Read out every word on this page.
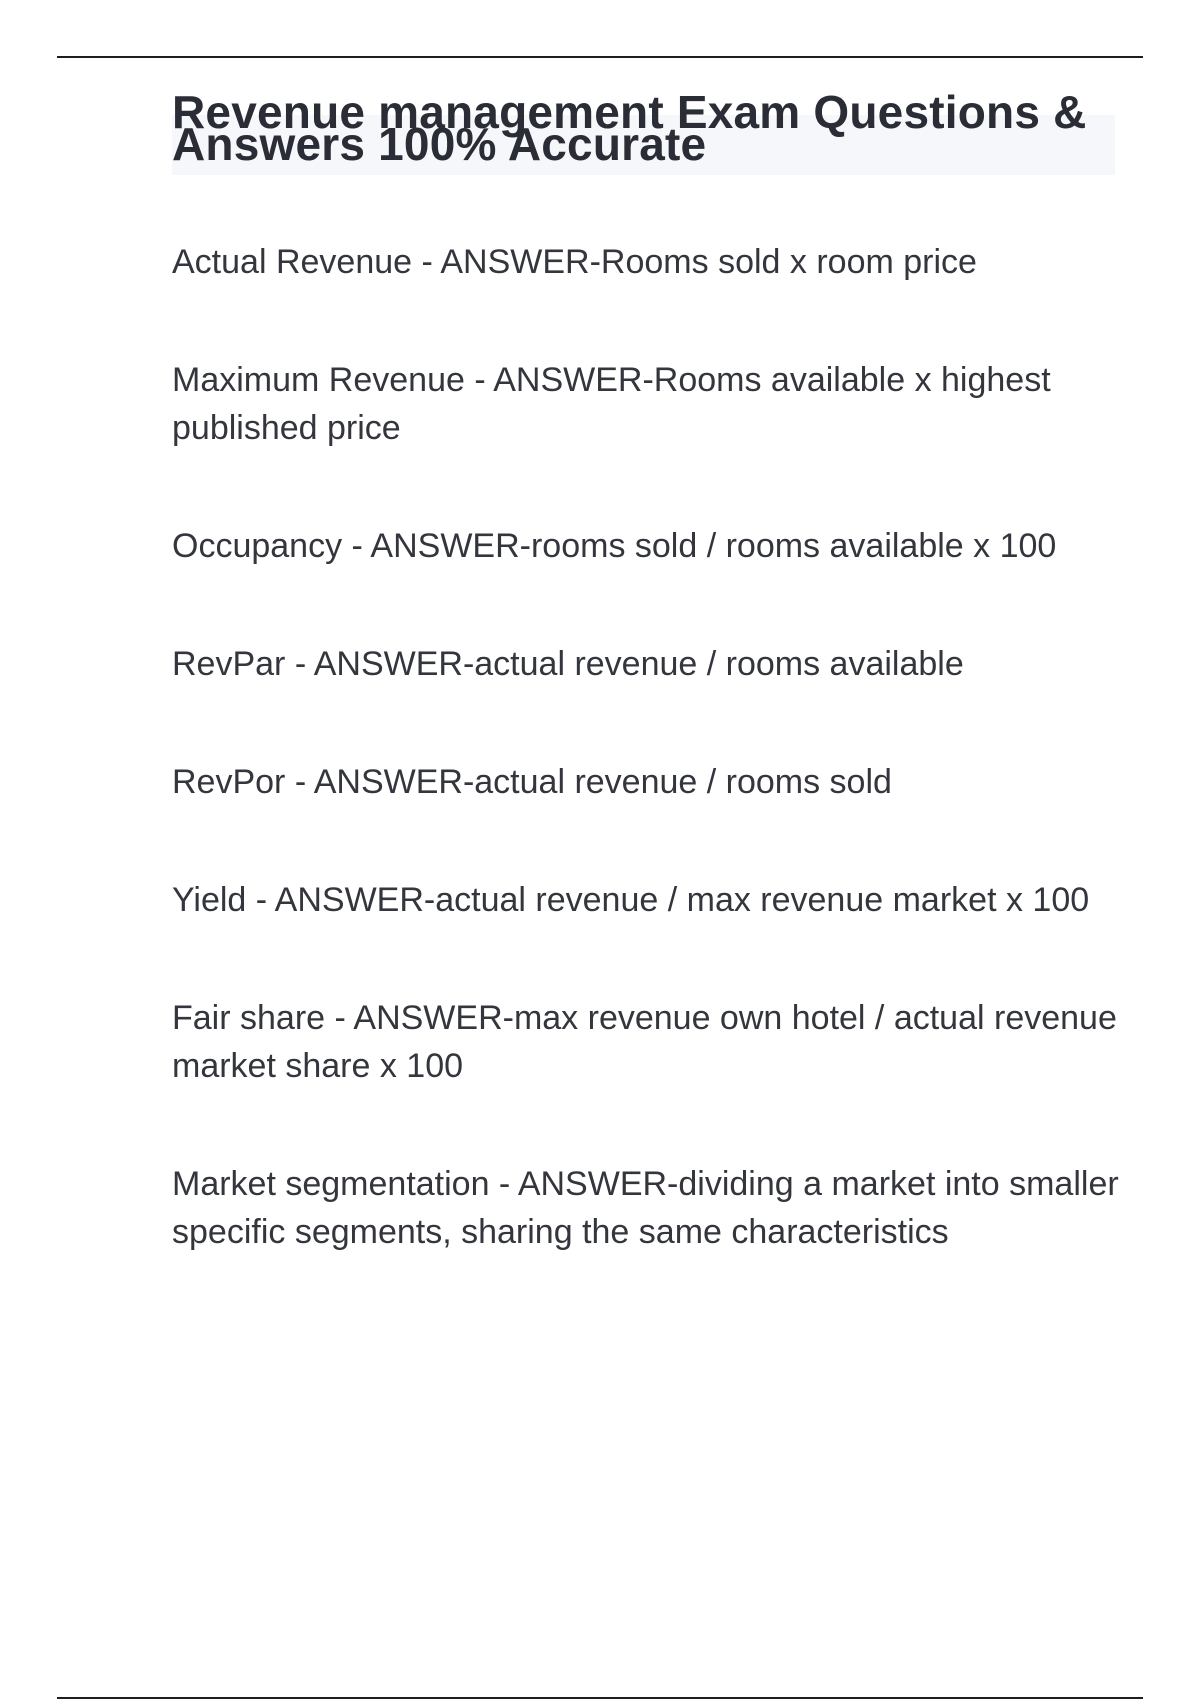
Revenue management Exam Questions & Answers 100% Accurate

Actual Revenue - ANSWER-Rooms sold x room price

Maximum Revenue - ANSWER-Rooms available x highest published price

Occupancy - ANSWER-rooms sold / rooms available x 100

RevPar - ANSWER-actual revenue / rooms available

RevPor - ANSWER-actual revenue / rooms sold

Yield - ANSWER-actual revenue / max revenue market x 100

Fair share - ANSWER-max revenue own hotel / actual revenue market share x 100

Market segmentation - ANSWER-dividing a market into smaller specific segments, sharing the same characteristics
